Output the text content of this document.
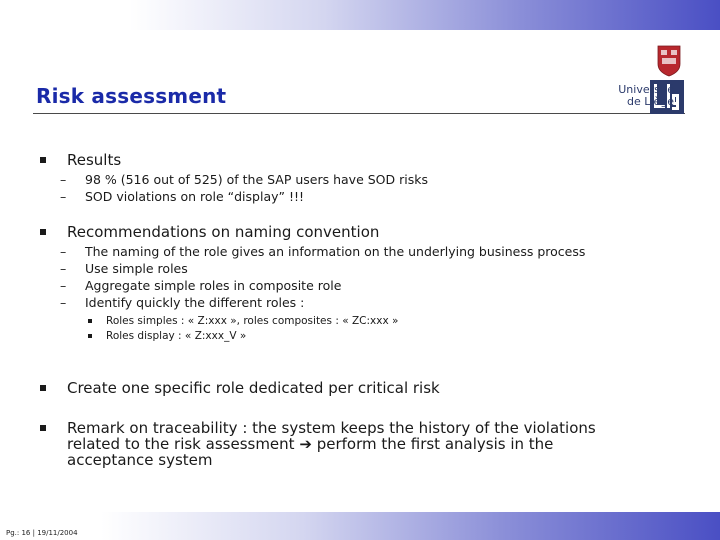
Risk assessment	Université
de Liège
Results
– 98 % (516 out of 525) of the SAP users have SOD risks
– SOD violations on role “display” !!!
Recommendations on naming convention
– The naming of the role gives an information on the underlying business process
– Use simple roles
– Aggregate simple roles in composite role
– Identify quickly the different roles :
Roles simples : « Z:xxx », roles composites : « ZC:xxx »
Roles display : « Z:xxx_V »
Create one specific role dedicated per critical risk
Remark on traceability : the system keeps the history of the violations
related to the risk assessment ➔ perform the first analysis in the
acceptance system
Pg.: 16 | 19/11/2004
